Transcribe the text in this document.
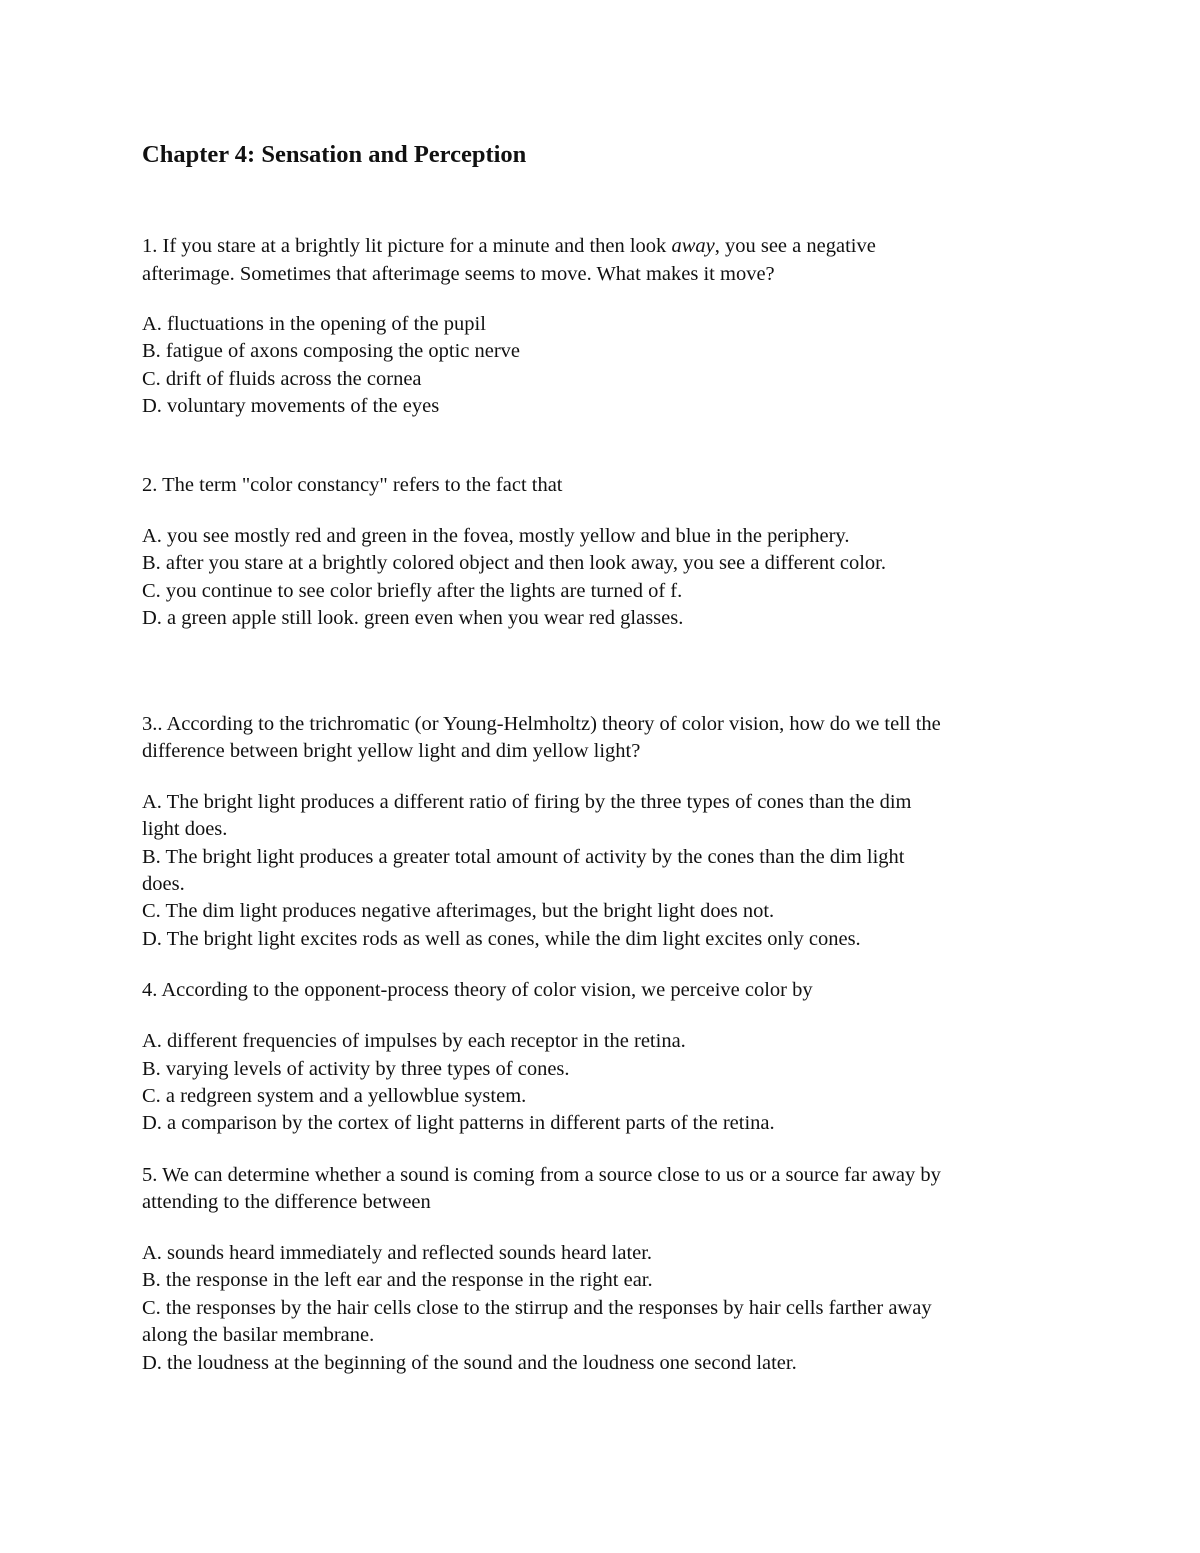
Chapter 4: Sensation and Perception
1. If you stare at a brightly lit picture for a minute and then look away, you see a negative
afterimage. Sometimes that afterimage seems to move. What makes it move?
A. fluctuations in the opening of the pupil
B. fatigue of axons composing the optic nerve
C. drift of fluids across the cornea
D. voluntary movements of the eyes
2. The term "color constancy" refers to the fact that
A. you see mostly red and green in the fovea, mostly yellow and blue in the periphery.
B. after you stare at a brightly colored object and then look away, you see a different color.
C. you continue to see color briefly after the lights are turned of f.
D. a green apple still look. green even when you wear red glasses.
3.. According to the trichromatic (or Young-Helmholtz) theory of color vision, how do we tell the
difference between bright yellow light and dim yellow light?
A. The bright light produces a different ratio of firing by the three types of cones than the dim
light does.
B. The bright light produces a greater total amount of activity by the cones than the dim light
does.
C. The dim light produces negative afterimages, but the bright light does not.
D. The bright light excites rods as well as cones, while the dim light excites only cones.
4. According to the opponent-process theory of color vision, we perceive color by
A. different frequencies of impulses by each receptor in the retina.
B. varying levels of activity by three types of cones.
C. a redgreen system and a yellowblue system.
D. a comparison by the cortex of light patterns in different parts of the retina.
5. We can determine whether a sound is coming from a source close to us or a source far away by
attending to the difference between
A. sounds heard immediately and reflected sounds heard later.
B. the response in the left ear and the response in the right ear.
C. the responses by the hair cells close to the stirrup and the responses by hair cells farther away
along the basilar membrane.
D. the loudness at the beginning of the sound and the loudness one second later.
